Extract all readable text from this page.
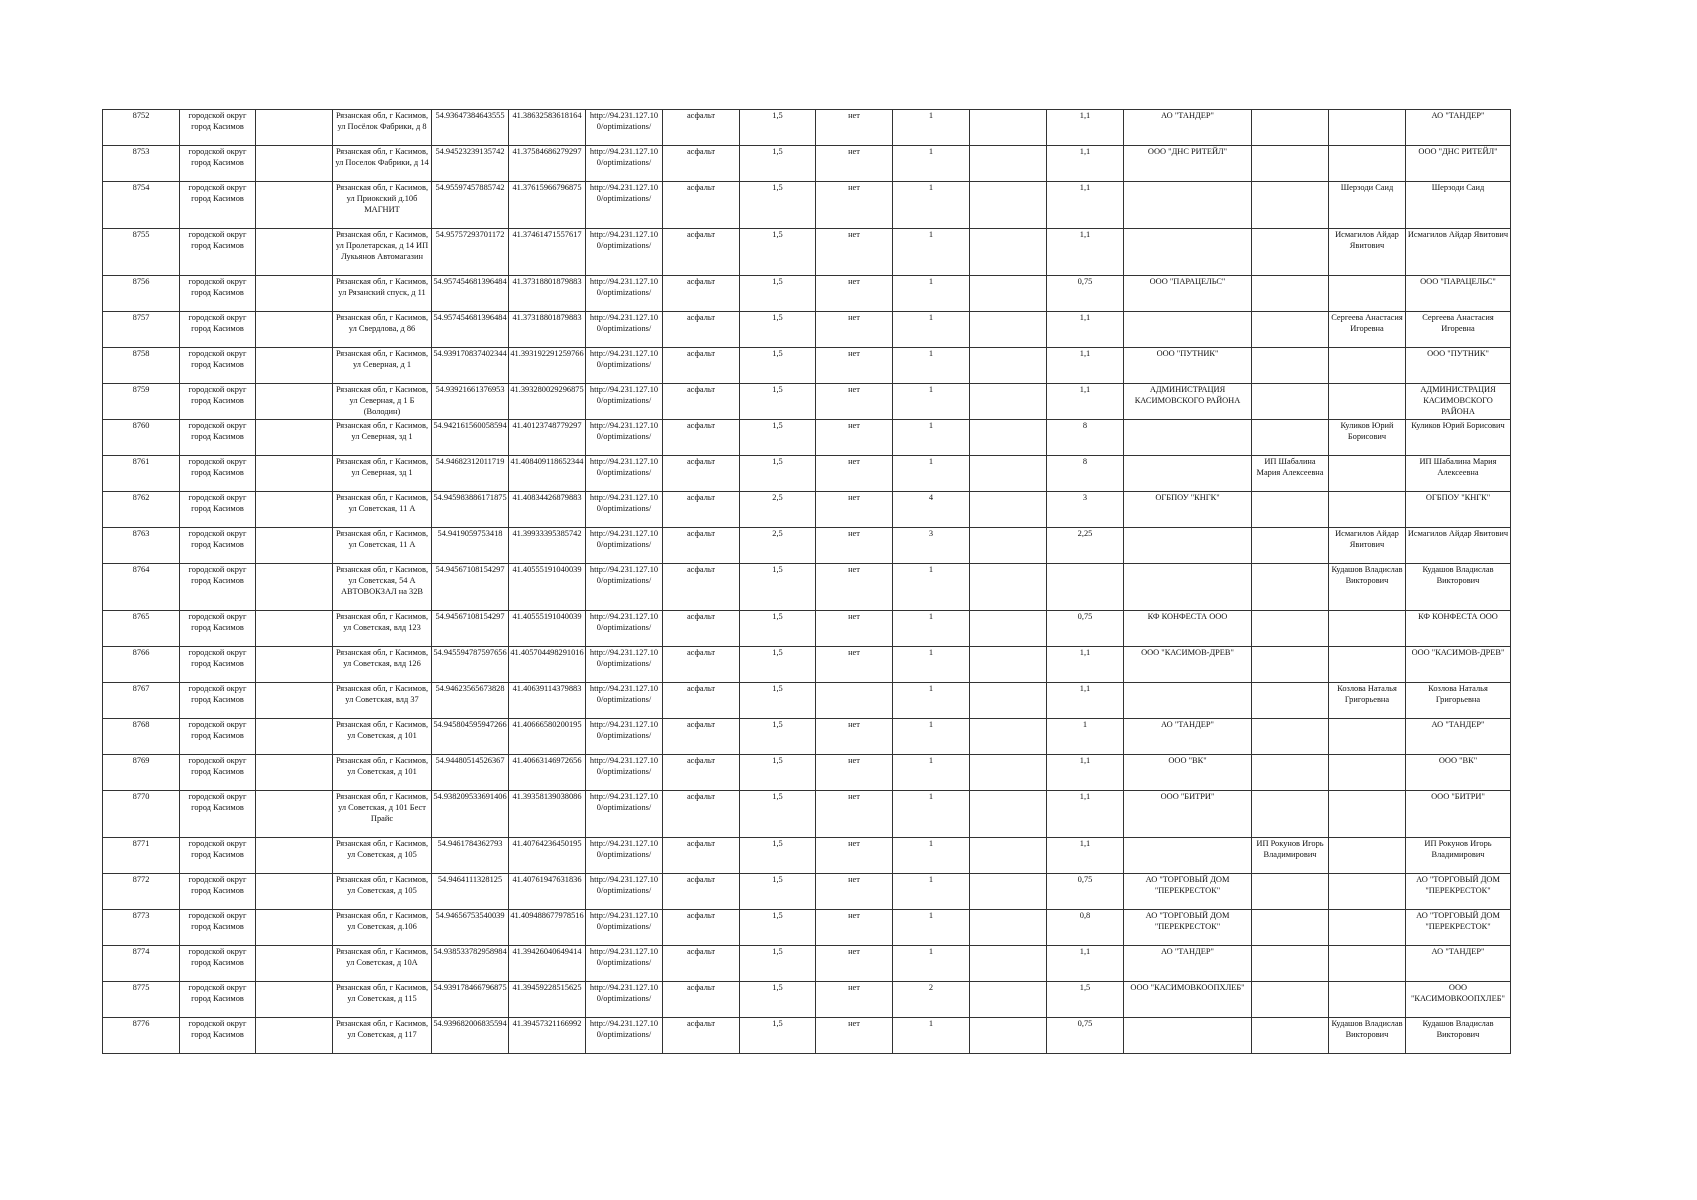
8752	городской округ город Касимов		Рязанская обл, г Касимов, ул Посёлок Фабрики, д 8	54.93647384643555	41.38632583618164	http://94.231.127.100/optimizations/	асфальт	1,5	нет	1		1,1	АО "ТАНДЕР"			АО "ТАНДЕР"
8753	городской округ город Касимов		Рязанская обл, г Касимов, ул Поселок Фабрики, д 14	54.94523239135742	41.37584686279297	http://94.231.127.100/optimizations/	асфальт	1,5	нет	1		1,1	ООО "ДНС РИТЕЙЛ"			ООО "ДНС РИТЕЙЛ"
8754	городской округ город Касимов		Рязанская обл, г Касимов, ул Приокский д.10б МАГНИТ	54.95597457885742	41.37615966796875	http://94.231.127.100/optimizations/	асфальт	1,5	нет	1		1,1			Шерзоди Саид	Шерзоди Саид
8755	городской округ город Касимов		Рязанская обл, г Касимов, ул Пролетарская, д 14 ИП Лукьянов Автомагазин	54.95757293701172	41.37461471557617	http://94.231.127.100/optimizations/	асфальт	1,5	нет	1		1,1			Исмагилов Айдар Явитович	Исмагилов Айдар Явитович
8756	городской округ город Касимов		Рязанская обл, г Касимов, ул Рязанский спуск, д 11	54.957454681396484	41.37318801879883	http://94.231.127.100/optimizations/	асфальт	1,5	нет	1		0,75	ООО "ПАРАЦЕЛЬС"			ООО "ПАРАЦЕЛЬС"
8757	городской округ город Касимов		Рязанская обл, г Касимов, ул Свердлова, д 86	54.957454681396484	41.37318801879883	http://94.231.127.100/optimizations/	асфальт	1,5	нет	1		1,1			Сергеева Анастасия Игоревна	Сергеева Анастасия Игоревна
8758	городской округ город Касимов		Рязанская обл, г Касимов, ул Северная, д 1	54.939170837402344	41.393192291259766	http://94.231.127.100/optimizations/	асфальт	1,5	нет	1		1,1	ООО "ПУТНИК"			ООО "ПУТНИК"
8759	городской округ город Касимов		Рязанская обл, г Касимов, ул Северная, д 1 Б (Володин)	54.93921661376953	41.393280029296875	http://94.231.127.100/optimizations/	асфальт	1,5	нет	1		1,1	АДМИНИСТРАЦИЯ КАСИМОВСКОГО РАЙОНА			АДМИНИСТРАЦИЯ КАСИМОВСКОГО РАЙОНА
8760	городской округ город Касимов		Рязанская обл, г Касимов, ул Северная, зд 1	54.942161560058594	41.40123748779297	http://94.231.127.100/optimizations/	асфальт	1,5	нет	1		8			Куликов Юрий Борисович	Куликов Юрий Борисович
8761	городской округ город Касимов		Рязанская обл, г Касимов, ул Северная, зд 1	54.94682312011719	41.408409118652344	http://94.231.127.100/optimizations/	асфальт	1,5	нет	1		8		ИП Шабалина Мария Алексеевна		ИП Шабалина Мария Алексеевна
8762	городской округ город Касимов		Рязанская обл, г Касимов, ул Советская, 11 А	54.945983886171875	41.40834426879883	http://94.231.127.100/optimizations/	асфальт	2,5	нет	4		3	ОГБПОУ "КНГК"			ОГБПОУ "КНГК"
8763	городской округ город Касимов		Рязанская обл, г Касимов, ул Советская, 11 А	54.9419059753418	41.39933395385742	http://94.231.127.100/optimizations/	асфальт	2,5	нет	3		2,25			Исмагилов Айдар Явитович	Исмагилов Айдар Явитович
8764	городской округ город Касимов		Рязанская обл, г Касимов, ул Советская, 54 А АВТОВОКЗАЛ на 32В	54.94567108154297	41.40555191040039	http://94.231.127.100/optimizations/	асфальт	1,5	нет	1					Кудашов Владислав Викторович	Кудашов Владислав Викторович
8765	городской округ город Касимов		Рязанская обл, г Касимов, ул Советская, влд 123	54.94567108154297	41.40555191040039	http://94.231.127.100/optimizations/	асфальт	1,5	нет	1		0,75	КФ КОНФЕСТА ООО			КФ КОНФЕСТА ООО
8766	городской округ город Касимов		Рязанская обл, г Касимов, ул Советская, влд 126	54.945594787597656	41.405704498291016	http://94.231.127.100/optimizations/	асфальт	1,5	нет	1		1,1	ООО "КАСИМОВ-ДРЕВ"			ООО "КАСИМОВ-ДРЕВ"
8767	городской округ город Касимов		Рязанская обл, г Касимов, ул Советская, влд 37	54.94623565673828	41.40639114379883	http://94.231.127.100/optimizations/	асфальт	1,5		1		1,1			Козлова Наталья Григорьевна	Козлова Наталья Григорьевна
8768	городской округ город Касимов		Рязанская обл, г Касимов, ул Советская, д 101	54.945804595947266	41.40666580200195	http://94.231.127.100/optimizations/	асфальт	1,5	нет	1		1	АО "ТАНДЕР"			АО "ТАНДЕР"
8769	городской округ город Касимов		Рязанская обл, г Касимов, ул Советская, д 101	54.94480514526367	41.40663146972656	http://94.231.127.100/optimizations/	асфальт	1,5	нет	1		1,1	ООО "ВК"			ООО "ВК"
8770	городской округ город Касимов		Рязанская обл, г Касимов, ул Советская, д 101 Бест Прайс	54.938209533691406	41.39358139038086	http://94.231.127.100/optimizations/	асфальт	1,5	нет	1		1,1	ООО "БИТРИ"			ООО "БИТРИ"
8771	городской округ город Касимов		Рязанская обл, г Касимов, ул Советская, д 105	54.9461784362793	41.40764236450195	http://94.231.127.100/optimizations/	асфальт	1,5	нет	1		1,1		ИП Рокунов Игорь Владимирович		ИП Рокунов Игорь Владимирович
8772	городской округ город Касимов		Рязанская обл, г Касимов, ул Советская, д 105	54.9464111328125	41.40761947631836	http://94.231.127.100/optimizations/	асфальт	1,5	нет	1		0,75	АО "ТОРГОВЫЙ ДОМ "ПЕРЕКРЕСТОК"			АО "ТОРГОВЫЙ ДОМ "ПЕРЕКРЕСТОК"
8773	городской округ город Касимов		Рязанская обл, г Касимов, ул Советская, д.106	54.94656753540039	41.409488677978516	http://94.231.127.100/optimizations/	асфальт	1,5	нет	1		0,8	АО "ТОРГОВЫЙ ДОМ "ПЕРЕКРЕСТОК"			АО "ТОРГОВЫЙ ДОМ "ПЕРЕКРЕСТОК"
8774	городской округ город Касимов		Рязанская обл, г Касимов, ул Советская, д 10А	54.938533782958984	41.39426040649414	http://94.231.127.100/optimizations/	асфальт	1,5	нет	1		1,1	АО "ТАНДЕР"			АО "ТАНДЕР"
8775	городской округ город Касимов		Рязанская обл, г Касимов, ул Советская, д 115	54.939178466796875	41.39459228515625	http://94.231.127.100/optimizations/	асфальт	1,5	нет	2		1,5	ООО "КАСИМОВКООПХЛЕБ"			ООО "КАСИМОВКООПХЛЕБ"
8776	городской округ город Касимов		Рязанская обл, г Касимов, ул Советская, д 117	54.939682006835594	41.39457321166992	http://94.231.127.100/optimizations/	асфальт	1,5	нет	1		0,75			Кудашов Владислав Викторович	Кудашов Владислав Викторович
